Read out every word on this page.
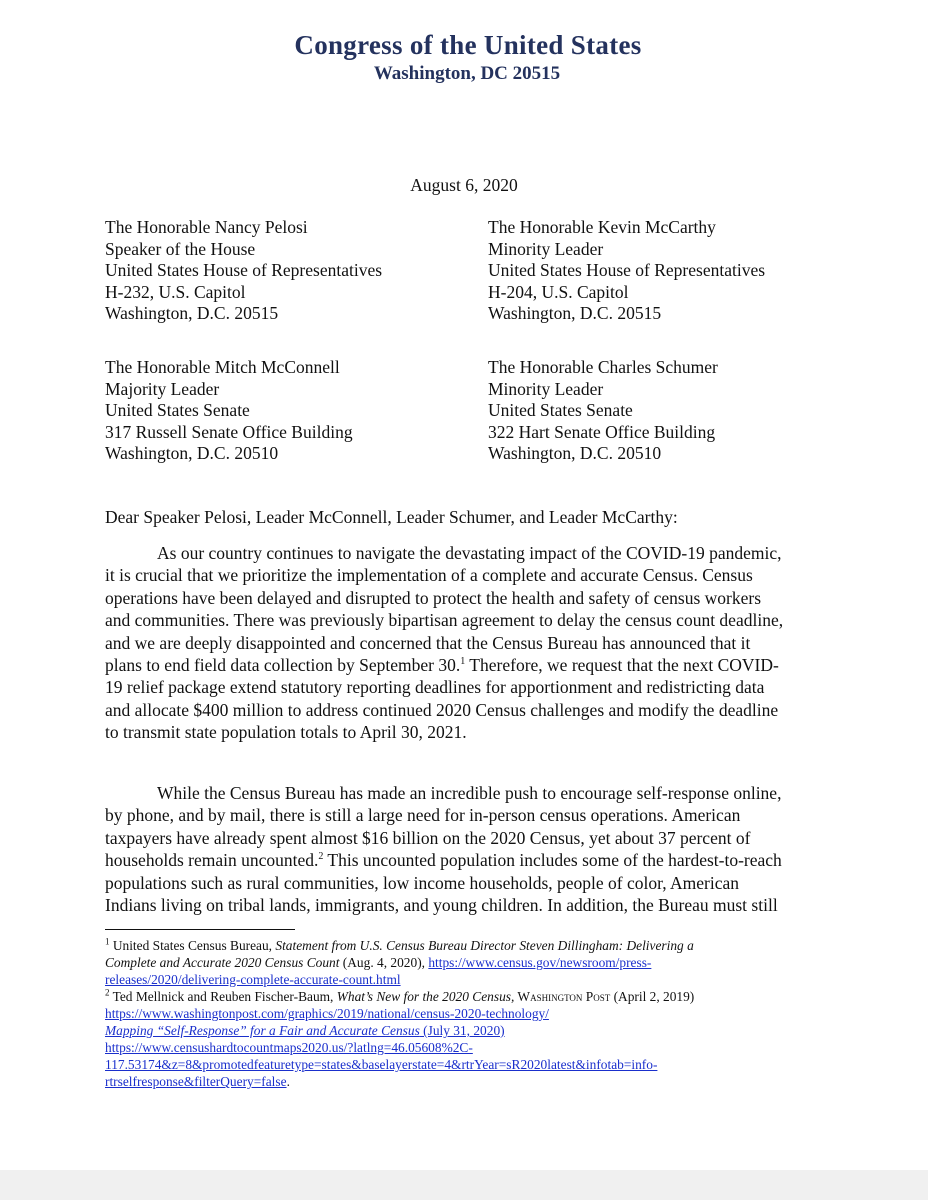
Congress of the United States
Washington, DC 20515
August 6, 2020
The Honorable Nancy Pelosi
Speaker of the House
United States House of Representatives
H-232, U.S. Capitol
Washington, D.C. 20515
The Honorable Kevin McCarthy
Minority Leader
United States House of Representatives
H-204, U.S. Capitol
Washington, D.C. 20515
The Honorable Mitch McConnell
Majority Leader
United States Senate
317 Russell Senate Office Building
Washington, D.C. 20510
The Honorable Charles Schumer
Minority Leader
United States Senate
322 Hart Senate Office Building
Washington, D.C. 20510
Dear Speaker Pelosi, Leader McConnell, Leader Schumer, and Leader McCarthy:
As our country continues to navigate the devastating impact of the COVID-19 pandemic,
it is crucial that we prioritize the implementation of a complete and accurate Census. Census
operations have been delayed and disrupted to protect the health and safety of census workers
and communities. There was previously bipartisan agreement to delay the census count deadline,
and we are deeply disappointed and concerned that the Census Bureau has announced that it
plans to end field data collection by September 30.$^1$ Therefore, we request that the next COVID-
19 relief package extend statutory reporting deadlines for apportionment and redistricting data
and allocate $400 million to address continued 2020 Census challenges and modify the deadline
to transmit state population totals to April 30, 2021.
While the Census Bureau has made an incredible push to encourage self-response online,
by phone, and by mail, there is still a large need for in-person census operations. American
taxpayers have already spent almost $16 billion on the 2020 Census, yet about 37 percent of
households remain uncounted.$^2$ This uncounted population includes some of the hardest-to-reach
populations such as rural communities, low income households, people of color, American
Indians living on tribal lands, immigrants, and young children. In addition, the Bureau must still
$^1$ United States Census Bureau, Statement from U.S. Census Bureau Director Steven Dillingham: Delivering a
Complete and Accurate 2020 Census Count (Aug. 4, 2020), https://www.census.gov/newsroom/press-
releases/2020/delivering-complete-accurate-count.html
$^2$ Ted Mellnick and Reuben Fischer-Baum, What’s New for the 2020 Census, Washington Post (April 2, 2019)
https://www.washingtonpost.com/graphics/2019/national/census-2020-technology/
Mapping “Self-Response” for a Fair and Accurate Census (July 31, 2020)
https://www.censushardtocountmaps2020.us/?latlng=46.05608%2C-
117.53174&z=8&promotedfeaturetype=states&baselayerstate=4&rtrYear=sR2020latest&infotab=info-
rtrselfresponse&filterQuery=false.
